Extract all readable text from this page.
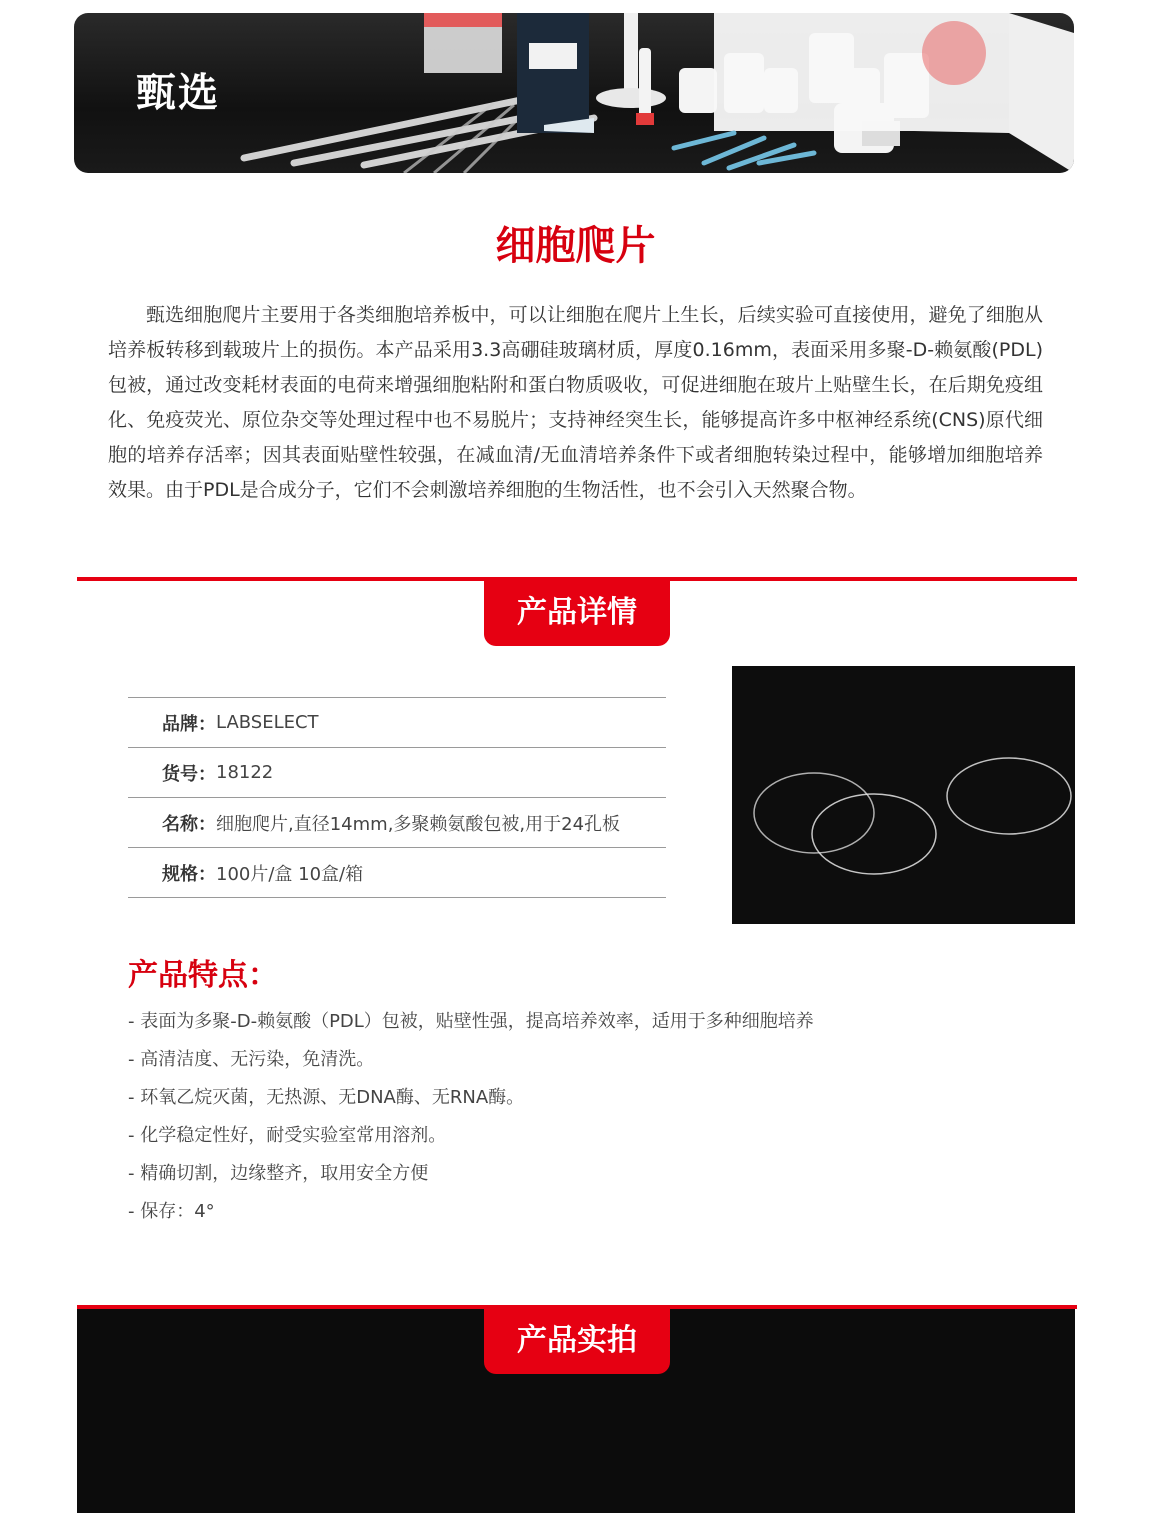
甄选
细胞爬片

甄选细胞爬片主要用于各类细胞培养板中，可以让细胞在爬片上生长，后续实验可直接使用，避免了细胞从培养板转移到载玻片上的损伤。本产品采用3.3高硼硅玻璃材质，厚度0.16mm，表面采用多聚-D-赖氨酸(PDL)包被，通过改变耗材表面的电荷来增强细胞粘附和蛋白物质吸收，可促进细胞在玻片上贴壁生长，在后期免疫组化、免疫荧光、原位杂交等处理过程中也不易脱片；支持神经突生长，能够提高许多中枢神经系统(CNS)原代细胞的培养存活率；因其表面贴壁性较强，在减血清/无血清培养条件下或者细胞转染过程中，能够增加细胞培养效果。由于PDL是合成分子，它们不会刺激培养细胞的生物活性，也不会引入天然聚合物。

产品详情
品牌： LABSELECT
货号： 18122
名称： 细胞爬片,直径14mm,多聚赖氨酸包被,用于24孔板
规格： 100片/盒 10盒/箱
产品特点：
- 表面为多聚-D-赖氨酸（PDL）包被，贴壁性强，提高培养效率，适用于多种细胞培养
- 高清洁度、无污染，免清洗。
- 环氧乙烷灭菌，无热源、无DNA酶、无RNA酶。
- 化学稳定性好，耐受实验室常用溶剂。
- 精确切割，边缘整齐，取用安全方便
- 保存：4°
产品实拍
